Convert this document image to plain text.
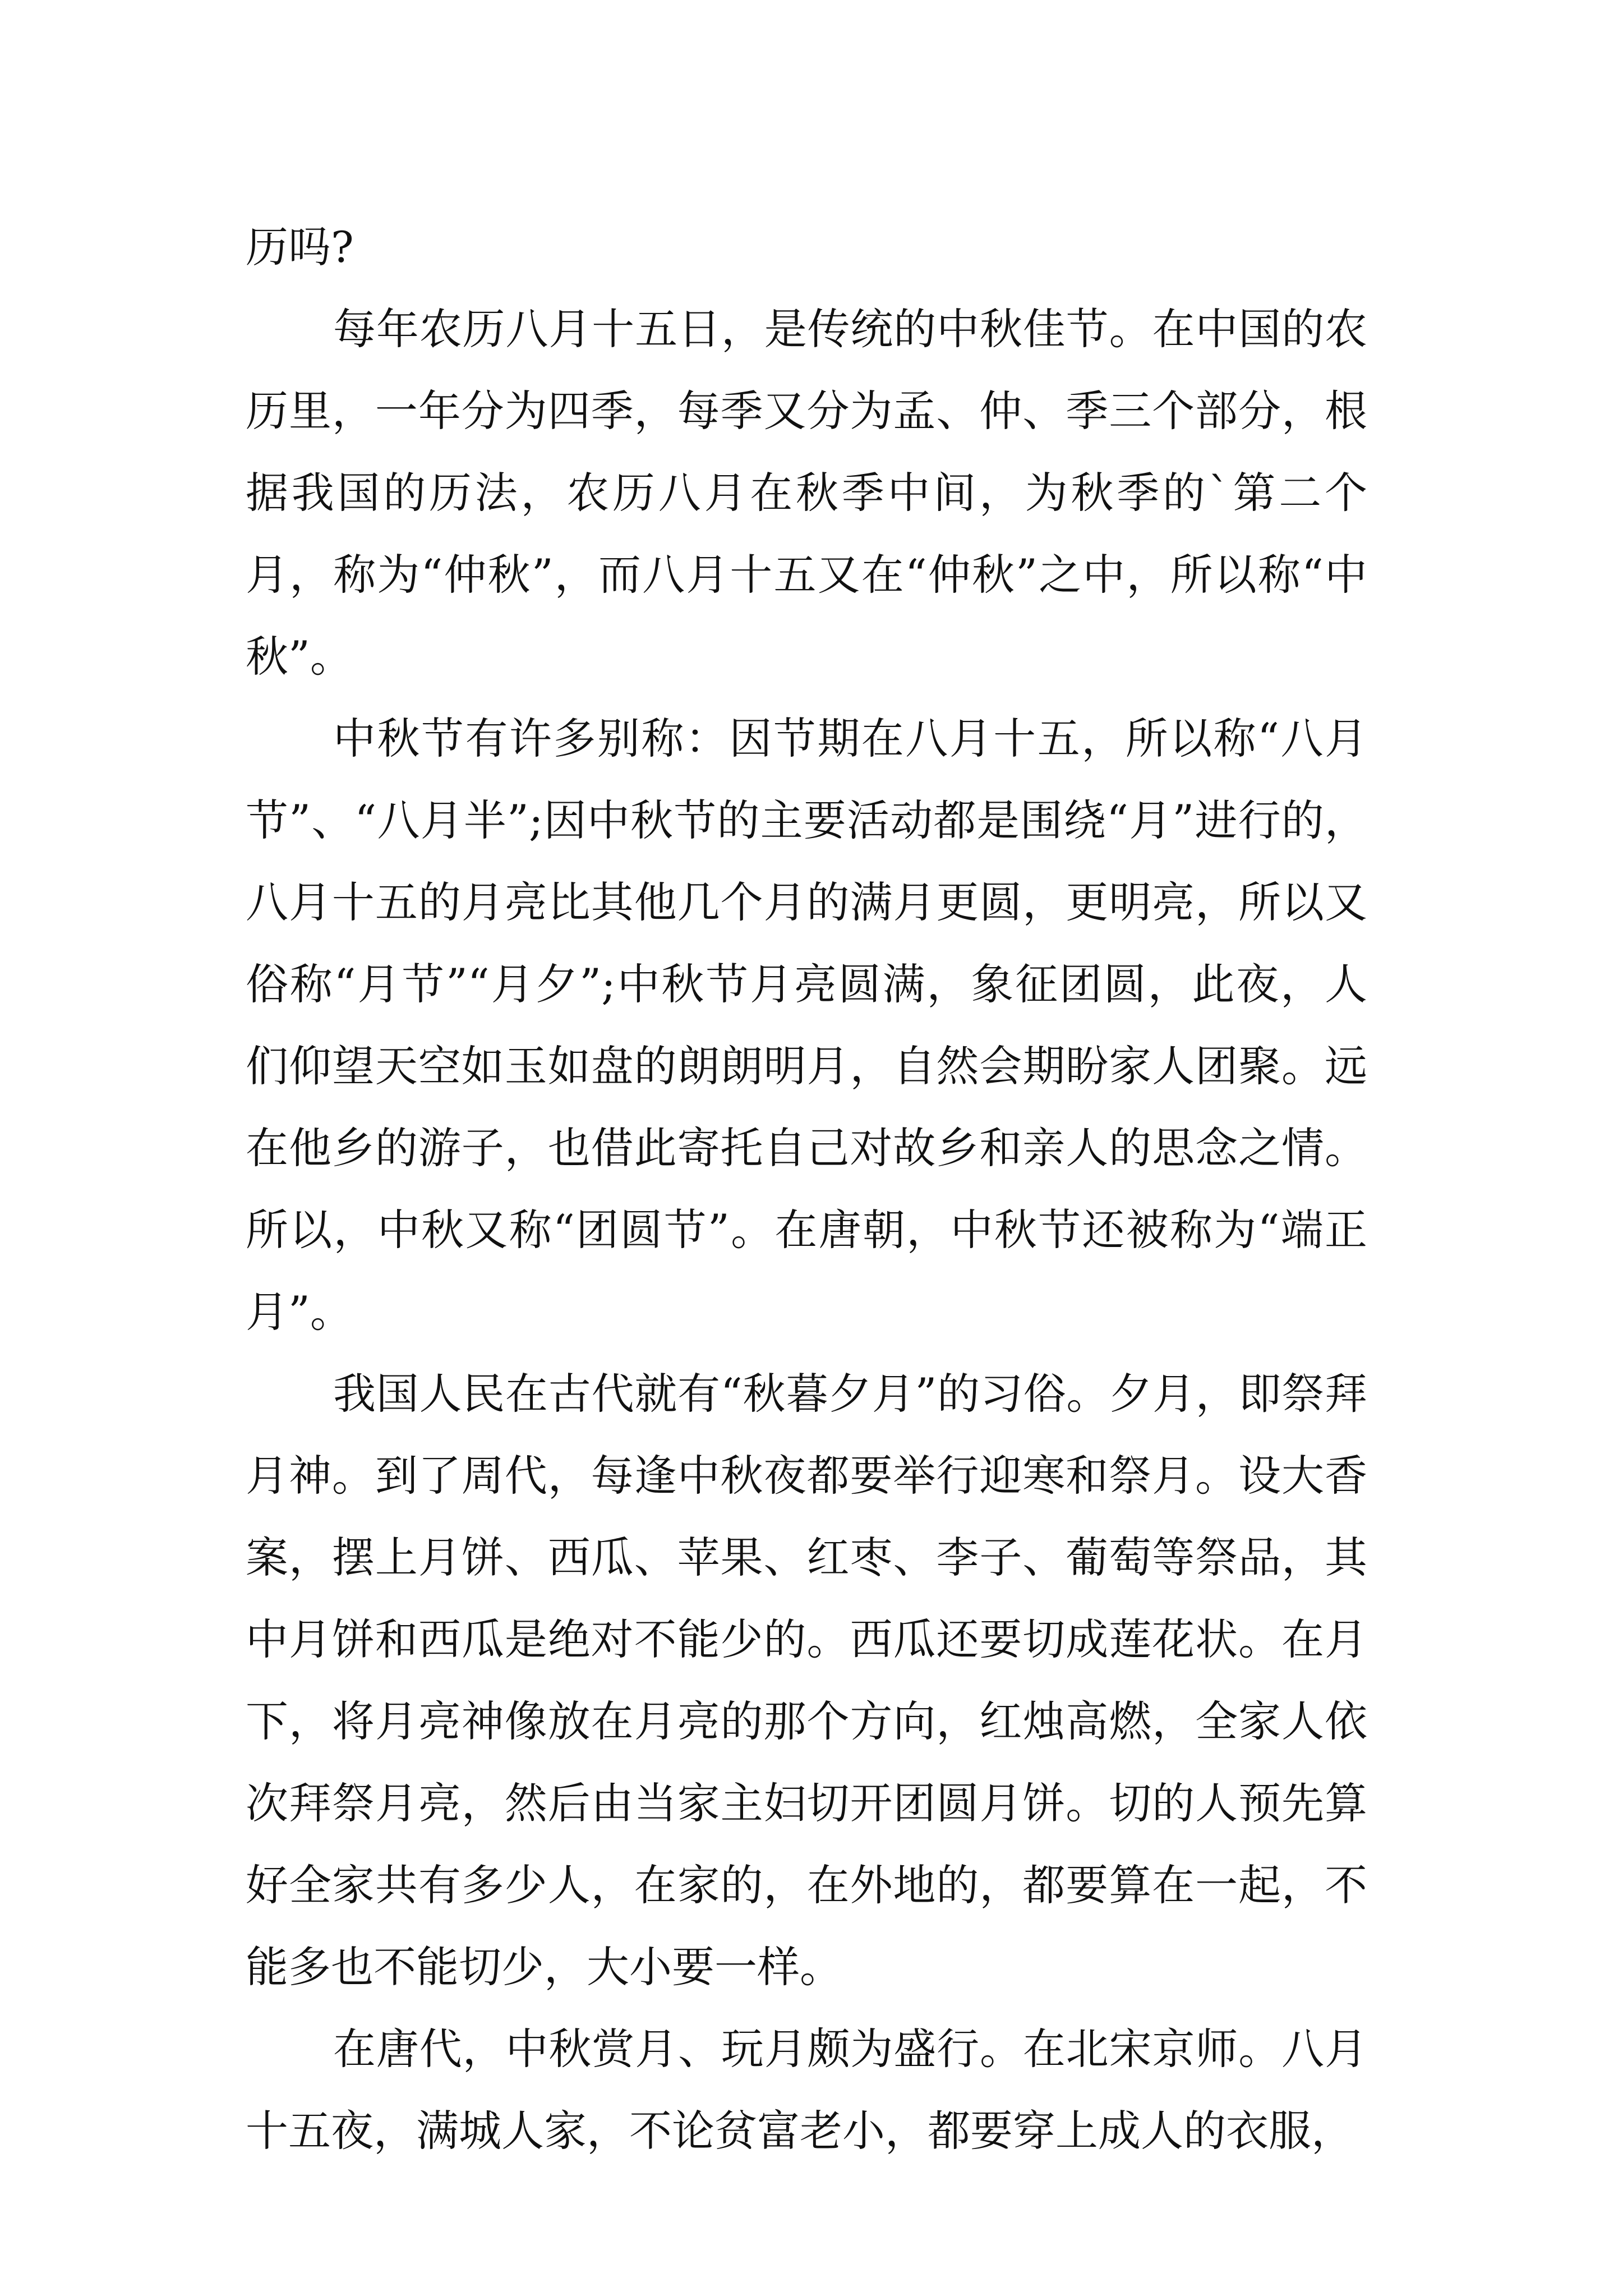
历吗?

每年农历八月十五日，是传统的中秋佳节。在中国的农历里，一年分为四季，每季又分为孟、仲、季三个部分，根据我国的历法，农历八月在秋季中间，为秋季的`第二个月，称为“仲秋”，而八月十五又在“仲秋”之中，所以称“中秋”。

中秋节有许多别称：因节期在八月十五，所以称“八月节”、“八月半”;因中秋节的主要活动都是围绕“月”进行的，八月十五的月亮比其他几个月的满月更圆，更明亮，所以又俗称“月节”“月夕”;中秋节月亮圆满，象征团圆，此夜，人们仰望天空如玉如盘的朗朗明月，自然会期盼家人团聚。远在他乡的游子，也借此寄托自己对故乡和亲人的思念之情。所以，中秋又称“团圆节”。在唐朝，中秋节还被称为“端正月”。

我国人民在古代就有“秋暮夕月”的习俗。夕月，即祭拜月神。到了周代，每逢中秋夜都要举行迎寒和祭月。设大香案，摆上月饼、西瓜、苹果、红枣、李子、葡萄等祭品，其中月饼和西瓜是绝对不能少的。西瓜还要切成莲花状。在月下，将月亮神像放在月亮的那个方向，红烛高燃，全家人依次拜祭月亮，然后由当家主妇切开团圆月饼。切的人预先算好全家共有多少人，在家的，在外地的，都要算在一起，不能多也不能切少，大小要一样。

在唐代，中秋赏月、玩月颇为盛行。在北宋京师。八月十五夜，满城人家，不论贫富老小，都要穿上成人的衣服，
